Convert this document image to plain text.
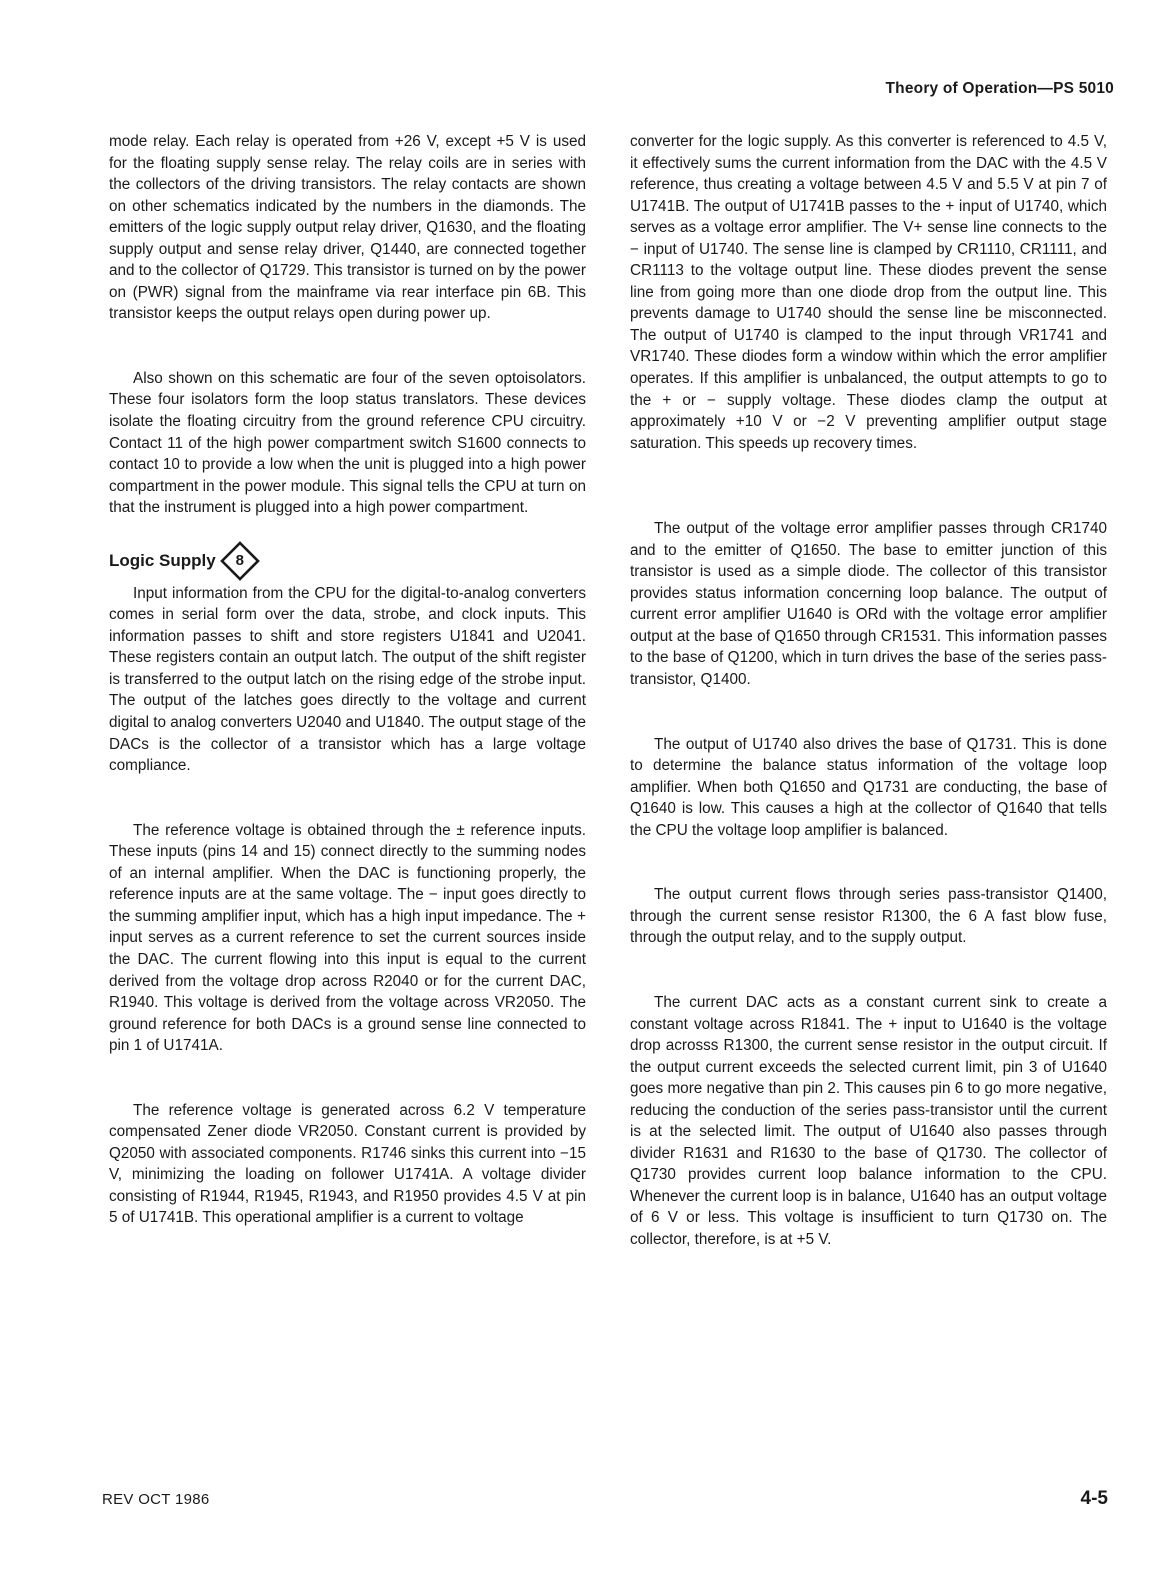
Theory of Operation—PS 5010

mode relay. Each relay is operated from +26 V, except +5 V is used for the floating supply sense relay. The relay coils are in series with the collectors of the driving transistors. The relay contacts are shown on other schematics indicated by the numbers in the diamonds. The emitters of the logic supply output relay driver, Q1630, and the floating supply output and sense relay driver, Q1440, are connected together and to the collector of Q1729. This transistor is turned on by the power on (PWR) signal from the mainframe via rear interface pin 6B. This transistor keeps the output relays open during power up.

Also shown on this schematic are four of the seven optoisolators. These four isolators form the loop status translators. These devices isolate the floating circuitry from the ground reference CPU circuitry. Contact 11 of the high power compartment switch S1600 connects to contact 10 to provide a low when the unit is plugged into a high power compartment in the power module. This signal tells the CPU at turn on that the instrument is plugged into a high power compartment.

Logic Supply	8

Input information from the CPU for the digital-to-analog converters comes in serial form over the data, strobe, and clock inputs. This information passes to shift and store registers U1841 and U2041. These registers contain an output latch. The output of the shift register is transferred to the output latch on the rising edge of the strobe input. The output of the latches goes directly to the voltage and current digital to analog converters U2040 and U1840. The output stage of the DACs is the collector of a transistor which has a large voltage compliance.

The reference voltage is obtained through the ± reference inputs. These inputs (pins 14 and 15) connect directly to the summing nodes of an internal amplifier. When the DAC is functioning properly, the reference inputs are at the same voltage. The − input goes directly to the summing amplifier input, which has a high input impedance. The + input serves as a current reference to set the current sources inside the DAC. The current flowing into this input is equal to the current derived from the voltage drop across R2040 or for the current DAC, R1940. This voltage is derived from the voltage across VR2050. The ground reference for both DACs is a ground sense line connected to pin 1 of U1741A.

The reference voltage is generated across 6.2 V temperature compensated Zener diode VR2050. Constant current is provided by Q2050 with associated components. R1746 sinks this current into −15 V, minimizing the loading on follower U1741A. A voltage divider consisting of R1944, R1945, R1943, and R1950 provides 4.5 V at pin 5 of U1741B. This operational amplifier is a current to voltage

converter for the logic supply. As this converter is referenced to 4.5 V, it effectively sums the current information from the DAC with the 4.5 V reference, thus creating a voltage between 4.5 V and 5.5 V at pin 7 of U1741B. The output of U1741B passes to the + input of U1740, which serves as a voltage error amplifier. The V+ sense line connects to the − input of U1740. The sense line is clamped by CR1110, CR1111, and CR1113 to the voltage output line. These diodes prevent the sense line from going more than one diode drop from the output line. This prevents damage to U1740 should the sense line be misconnected. The output of U1740 is clamped to the input through VR1741 and VR1740. These diodes form a window within which the error amplifier operates. If this amplifier is unbalanced, the output attempts to go to the + or − supply voltage. These diodes clamp the output at approximately +10 V or −2 V preventing amplifier output stage saturation. This speeds up recovery times.

The output of the voltage error amplifier passes through CR1740 and to the emitter of Q1650. The base to emitter junction of this transistor is used as a simple diode. The collector of this transistor provides status information concerning loop balance. The output of current error amplifier U1640 is ORd with the voltage error amplifier output at the base of Q1650 through CR1531. This information passes to the base of Q1200, which in turn drives the base of the series pass-transistor, Q1400.

The output of U1740 also drives the base of Q1731. This is done to determine the balance status information of the voltage loop amplifier. When both Q1650 and Q1731 are conducting, the base of Q1640 is low. This causes a high at the collector of Q1640 that tells the CPU the voltage loop amplifier is balanced.

The output current flows through series pass-transistor Q1400, through the current sense resistor R1300, the 6 A fast blow fuse, through the output relay, and to the supply output.

The current DAC acts as a constant current sink to create a constant voltage across R1841. The + input to U1640 is the voltage drop acrosss R1300, the current sense resistor in the output circuit. If the output current exceeds the selected current limit, pin 3 of U1640 goes more negative than pin 2. This causes pin 6 to go more negative, reducing the conduction of the series pass-transistor until the current is at the selected limit. The output of U1640 also passes through divider R1631 and R1630 to the base of Q1730. The collector of Q1730 provides current loop balance information to the CPU. Whenever the current loop is in balance, U1640 has an output voltage of 6 V or less. This voltage is insufficient to turn Q1730 on. The collector, therefore, is at +5 V.

REV OCT 1986	4-5
